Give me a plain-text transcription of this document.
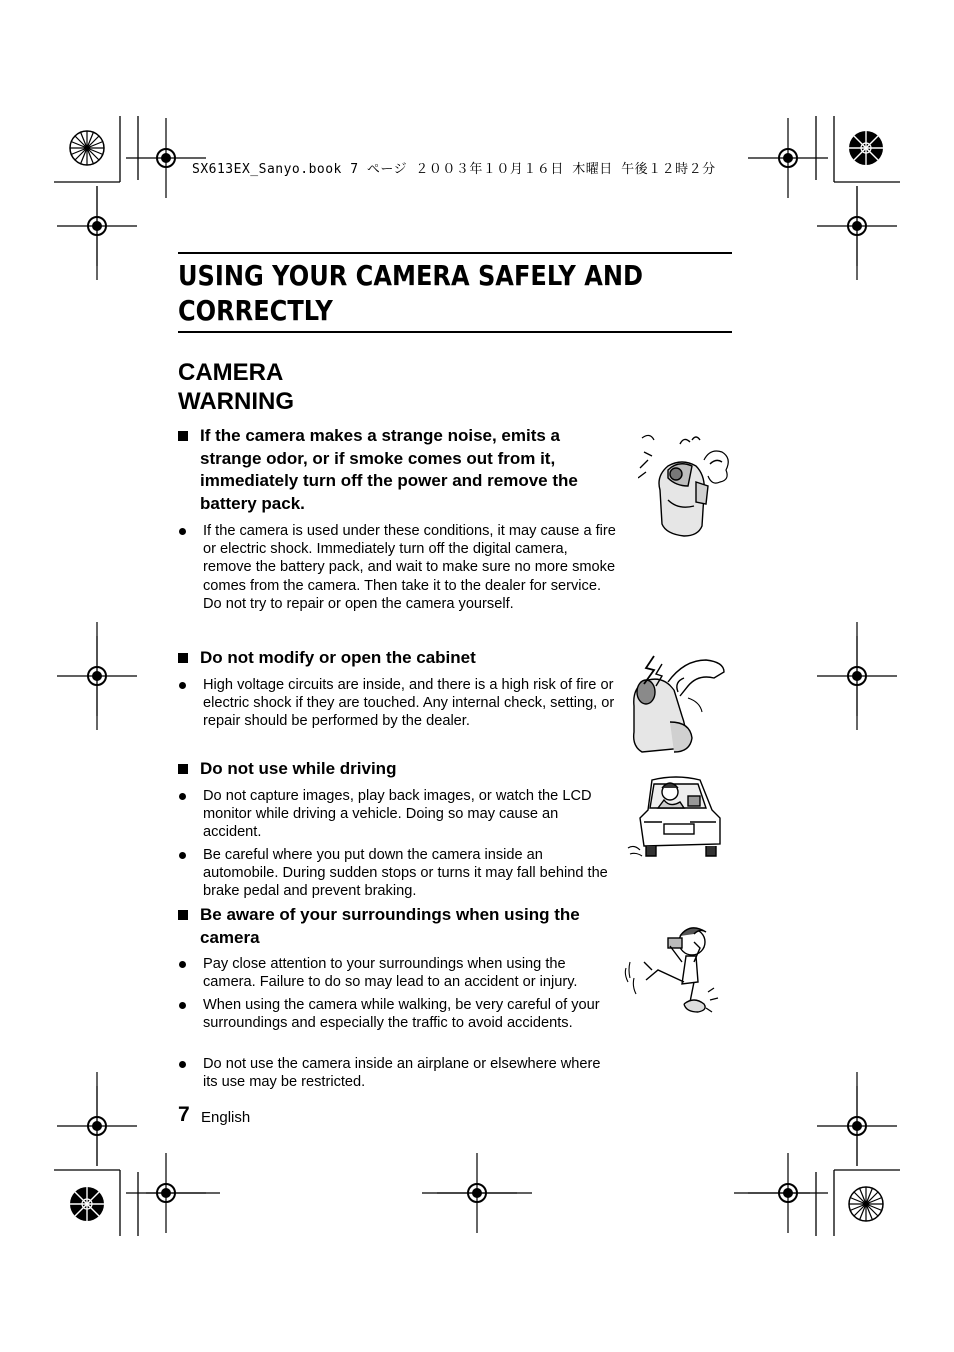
SX613EX_Sanyo.book 7 ページ ２００３年１０月１６日 木曜日 午後１２時２分
USING YOUR CAMERA SAFELY AND CORRECTLY
CAMERA WARNING
If the camera makes a strange noise, emits a strange odor, or if smoke comes out from it, immediately turn off the power and remove the battery pack.
If the camera is used under these conditions, it may cause a fire or electric shock. Immediately turn off the digital camera, remove the battery pack, and wait to make sure no more smoke comes from the camera. Then take it to the dealer for service. Do not try to repair or open the camera yourself.
Do not modify or open the cabinet
High voltage circuits are inside, and there is a high risk of fire or electric shock if they are touched. Any internal check, setting, or repair should be performed by the dealer.
Do not use while driving
Do not capture images, play back images, or watch the LCD monitor while driving a vehicle. Doing so may cause an accident.
Be careful where you put down the camera inside an automobile. During sudden stops or turns it may fall behind the brake pedal and prevent braking.
Be aware of your surroundings when using the camera
Pay close attention to your surroundings when using the camera. Failure to do so may lead to an accident or injury.
When using the camera while walking, be very careful of your surroundings and especially the traffic to avoid accidents.
Do not use the camera inside an airplane or elsewhere where its use may be restricted.
7 English
